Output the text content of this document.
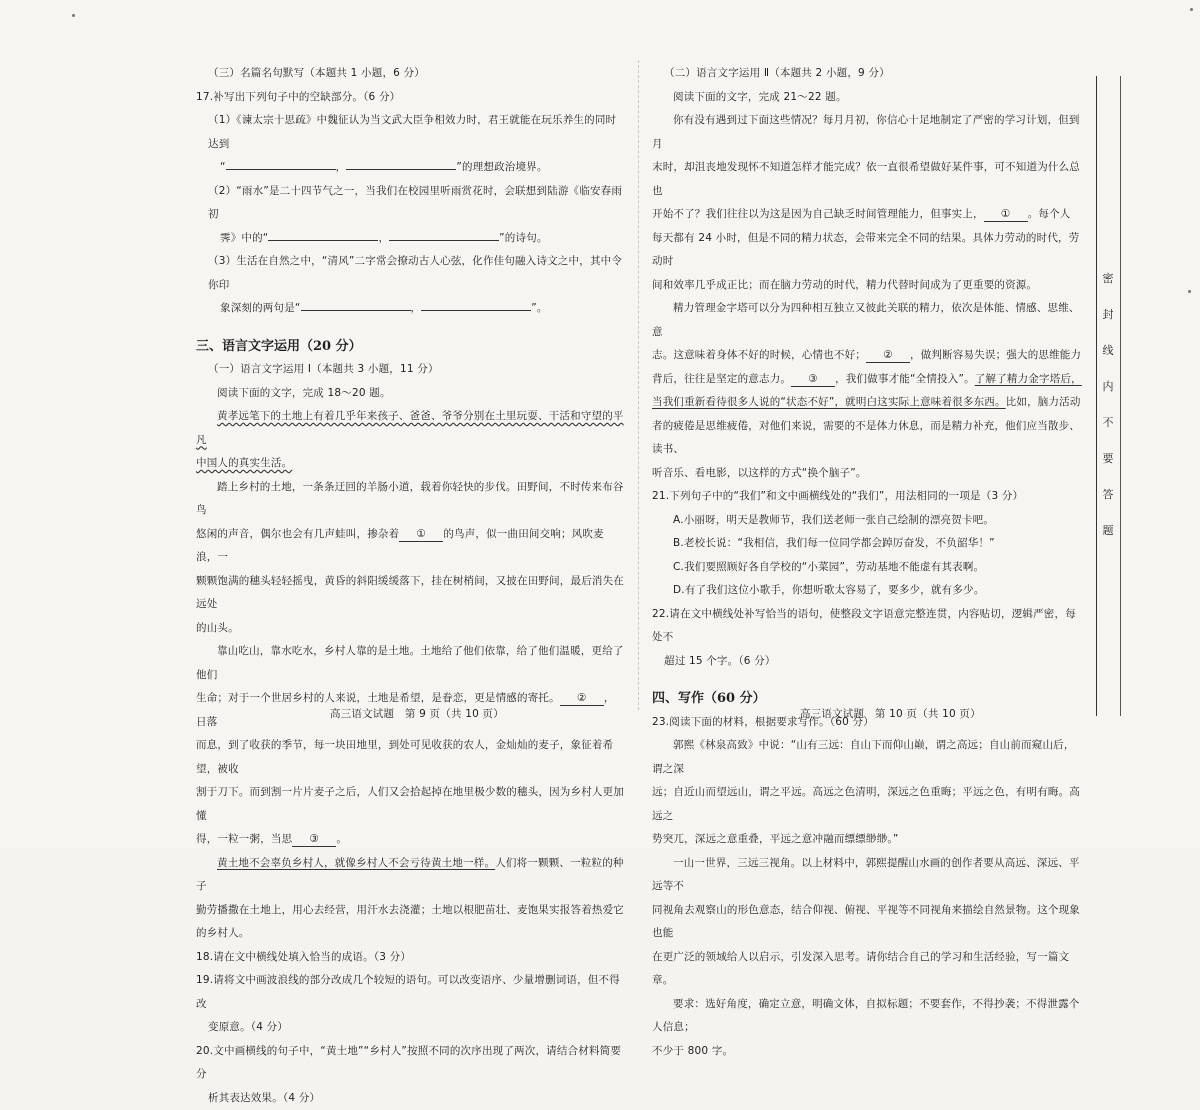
（三）名篇名句默写（本题共 1 小题，6 分）

17.补写出下列句子中的空缺部分。（6 分）

（1）《谏太宗十思疏》中魏征认为当文武大臣争相效力时，君王就能在玩乐养生的同时达到

“	，	”的理想政治境界。

（2）“雨水”是二十四节气之一，当我们在校园里听雨赏花时，会联想到陆游《临安春雨初

霁》中的“	，	”的诗句。

（3）生活在自然之中，“清风”二字常会撩动古人心弦，化作佳句融入诗文之中，其中令你印

象深刻的两句是“	，	”。

三、语言文字运用（20 分）

（一）语言文字运用 Ⅰ（本题共 3 小题，11 分）

阅读下面的文字，完成 18～20 题。

黄孝远笔下的土地上有着几乎年来孩子、爸爸、爷爷分别在土里玩耍、干活和守望的平凡

中国人的真实生活。

踏上乡村的土地，一条条迂回的羊肠小道，载着你轻快的步伐。田野间，不时传来布谷鸟

悠闲的声音，偶尔也会有几声蛙叫，掺杂着 ① 的鸟声，似一曲田间交响；风吹麦浪，一

颗颗饱满的穗头轻轻摇曳，黄昏的斜阳缓缓落下，挂在树梢间，又披在田野间，最后消失在远处

的山头。

靠山吃山，靠水吃水，乡村人靠的是土地。土地给了他们依靠，给了他们温暖，更给了他们

生命；对于一个世居乡村的人来说，土地是希望，是眷恋，更是情感的寄托。 ② ，日落

而息，到了收获的季节，每一块田地里，到处可见收获的农人，金灿灿的麦子，象征着希望，被收

割于刀下。而到割一片片麦子之后，人们又会拾起掉在地里极少数的穗头，因为乡村人更加懂

得，一粒一粥，当思 ③ 。

黄土地不会辜负乡村人，就像乡村人不会亏待黄土地一样。人们将一颗颗、一粒粒的种子

勤劳播撒在土地上，用心去经营，用汗水去浇灌；土地以根肥苗壮、麦饱果实报答着热爱它

的乡村人。

18.请在文中横线处填入恰当的成语。（3 分）

19.请将文中画波浪线的部分改成几个较短的语句。可以改变语序、少量增删词语，但不得改

变原意。（4 分）

20.文中画横线的句子中，“黄土地”“乡村人”按照不同的次序出现了两次，请结合材料简要分

析其表达效果。（4 分）

高三语文试题　第 9 页（共 10 页）

（二）语言文字运用 Ⅱ（本题共 2 小题，9 分）

阅读下面的文字，完成 21～22 题。

你有没有遇到过下面这些情况？每月月初，你信心十足地制定了严密的学习计划，但到月

末时，却沮丧地发现怀不知道怎样才能完成？依一直很希望做好某件事，可不知道为什么总也

开始不了？我们往往以为这是因为自己缺乏时间管理能力，但事实上， ① 。每个人

每天都有 24 小时，但是不同的精力状态，会带来完全不同的结果。具体力劳动的时代，劳动时

间和效率几乎成正比；而在脑力劳动的时代，精力代替时间成为了更重要的资源。

精力管理金字塔可以分为四种相互独立又彼此关联的精力，依次是体能、情感、思维、意

志。这意味着身体不好的时候，心情也不好； ② ，做判断容易失误；强大的思维能力

背后，往往是坚定的意志力。 ③ ，我们做事才能“全情投入”。了解了精力金字塔后，

当我们重新看待很多人说的“状态不好”，就明白这实际上意味着很多东西。比如，脑力活动

者的疲倦是思维疲倦，对他们来说，需要的不是体力休息，而是精力补充，他们应当散步、读书、

听音乐、看电影，以这样的方式“换个脑子”。

21.下列句子中的“我们”和文中画横线处的“我们”，用法相同的一项是（3 分）

A.小丽呀，明天是教师节，我们送老师一张自己绘制的漂亮贺卡吧。

B.老校长说：“我相信，我们每一位同学都会踔厉奋发，不负韶华！”

C.我们要照顾好各自学校的“小菜园”，劳动基地不能虚有其表啊。

D.有了我们这位小歌手，你想听歌太容易了，要多少，就有多少。

22.请在文中横线处补写恰当的语句，使整段文字语意完整连贯，内容贴切，逻辑严密，每处不

超过 15 个字。（6 分）

四、写作（60 分）

23.阅读下面的材料，根据要求写作。（60 分）

郭熙《林泉高致》中说：“山有三远：自山下而仰山巅，谓之高远；自山前而窥山后，谓之深

远；自近山而望远山，谓之平远。高远之色清明，深远之色重晦；平远之色，有明有晦。高远之

势突兀，深远之意重叠，平远之意冲融而缥缥缈缈。”

一山一世界，三远三视角。以上材料中，郭熙提醒山水画的创作者要从高远、深远、平远等不

同视角去观察山的形色意态，结合仰视、俯视、平视等不同视角来描绘自然景物。这个现象也能

在更广泛的领域给人以启示，引发深入思考。请你结合自己的学习和生活经验，写一篇文章。

要求：选好角度，确定立意，明确文体，自拟标题；不要套作，不得抄袭；不得泄露个人信息；

不少于 800 字。

高三语文试题　第 10 页（共 10 页）
密
封
线
内
不
要
答
题
